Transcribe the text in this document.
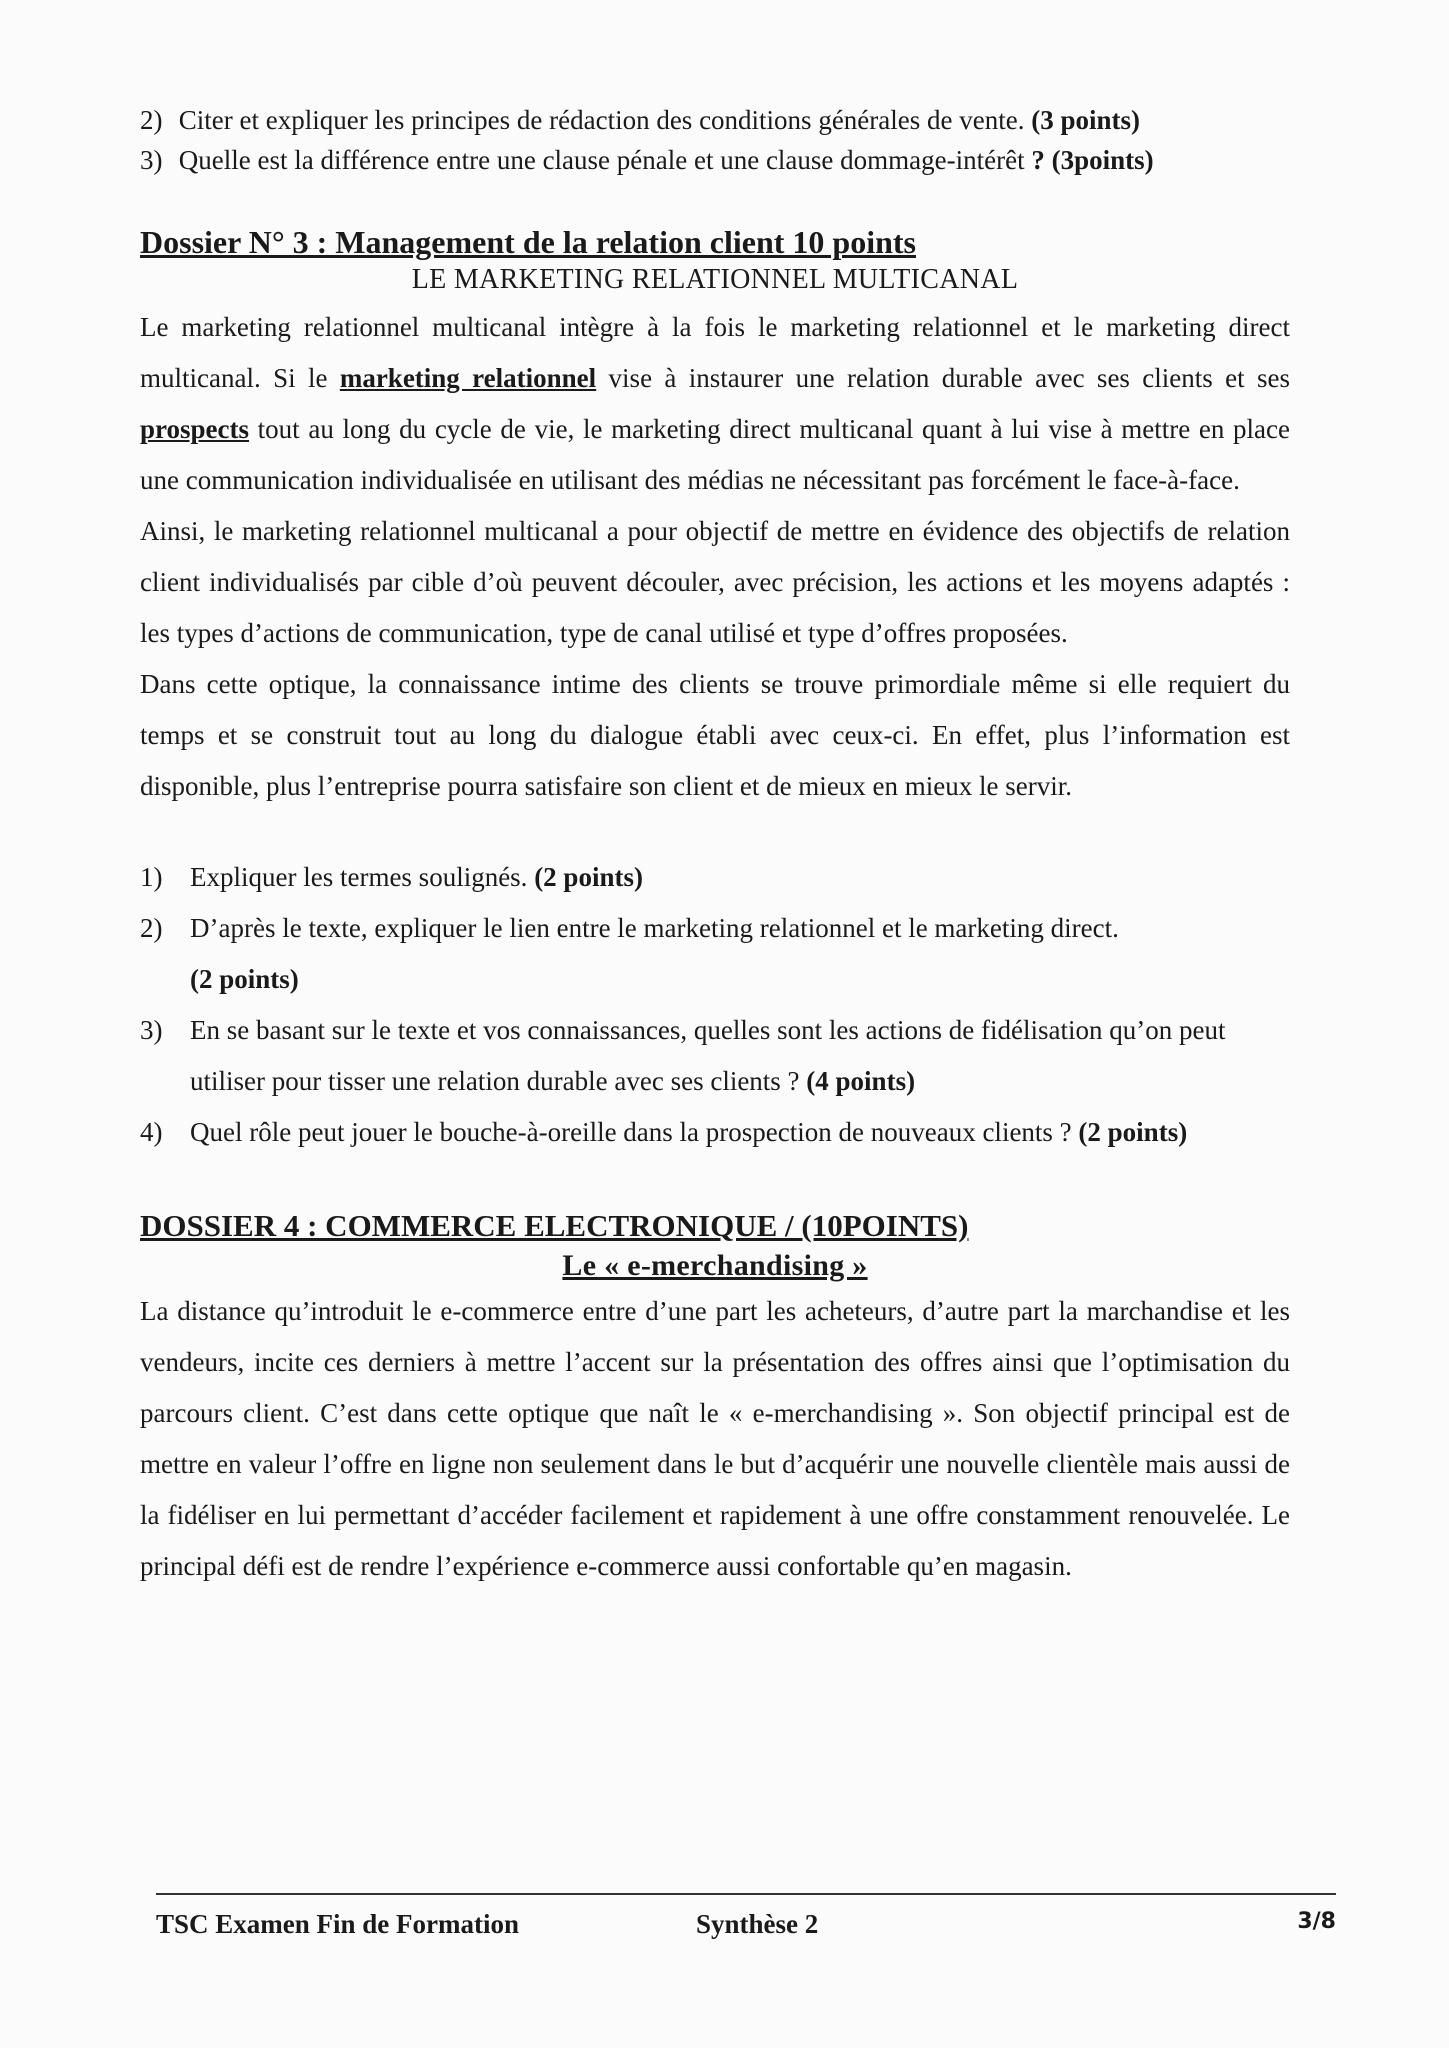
2) Citer et expliquer les principes de rédaction des conditions générales de vente. (3 points)

3) Quelle est la différence entre une clause pénale et une clause dommage-intérêt ? (3points)

Dossier N° 3 : Management de la relation client 10 points

LE MARKETING RELATIONNEL MULTICANAL

Le marketing relationnel multicanal intègre à la fois le marketing relationnel et le marketing direct multicanal. Si le marketing relationnel vise à instaurer une relation durable avec ses clients et ses prospects tout au long du cycle de vie, le marketing direct multicanal quant à lui vise à mettre en place une communication individualisée en utilisant des médias ne nécessitant pas forcément le face-à-face.

Ainsi, le marketing relationnel multicanal a pour objectif de mettre en évidence des objectifs de relation client individualisés par cible d’où peuvent découler, avec précision, les actions et les moyens adaptés : les types d’actions de communication, type de canal utilisé et type d’offres proposées.

Dans cette optique, la connaissance intime des clients se trouve primordiale même si elle requiert du temps et se construit tout au long du dialogue établi avec ceux-ci. En effet, plus l’information est disponible, plus l’entreprise pourra satisfaire son client et de mieux en mieux le servir.

1) Expliquer les termes soulignés. (2 points)
2) D’après le texte, expliquer le lien entre le marketing relationnel et le marketing direct.
(2 points)
3) En se basant sur le texte et vos connaissances, quelles sont les actions de fidélisation qu’on peut utiliser pour tisser une relation durable avec ses clients ? (4 points)
4) Quel rôle peut jouer le bouche-à-oreille dans la prospection de nouveaux clients ? (2 points)
DOSSIER 4 : COMMERCE ELECTRONIQUE / (10POINTS)

Le « e-merchandising »

La distance qu’introduit le e-commerce entre d’une part les acheteurs, d’autre part la marchandise et les vendeurs, incite ces derniers à mettre l’accent sur la présentation des offres ainsi que l’optimisation du parcours client. C’est dans cette optique que naît le « e-merchandising ». Son objectif principal est de mettre en valeur l’offre en ligne non seulement dans le but d’acquérir une nouvelle clientèle mais aussi de la fidéliser en lui permettant d’accéder facilement et rapidement à une offre constamment renouvelée. Le principal défi est de rendre l’expérience e-commerce aussi confortable qu’en magasin.

TSC Examen Fin de Formation	Synthèse 2	3/8
